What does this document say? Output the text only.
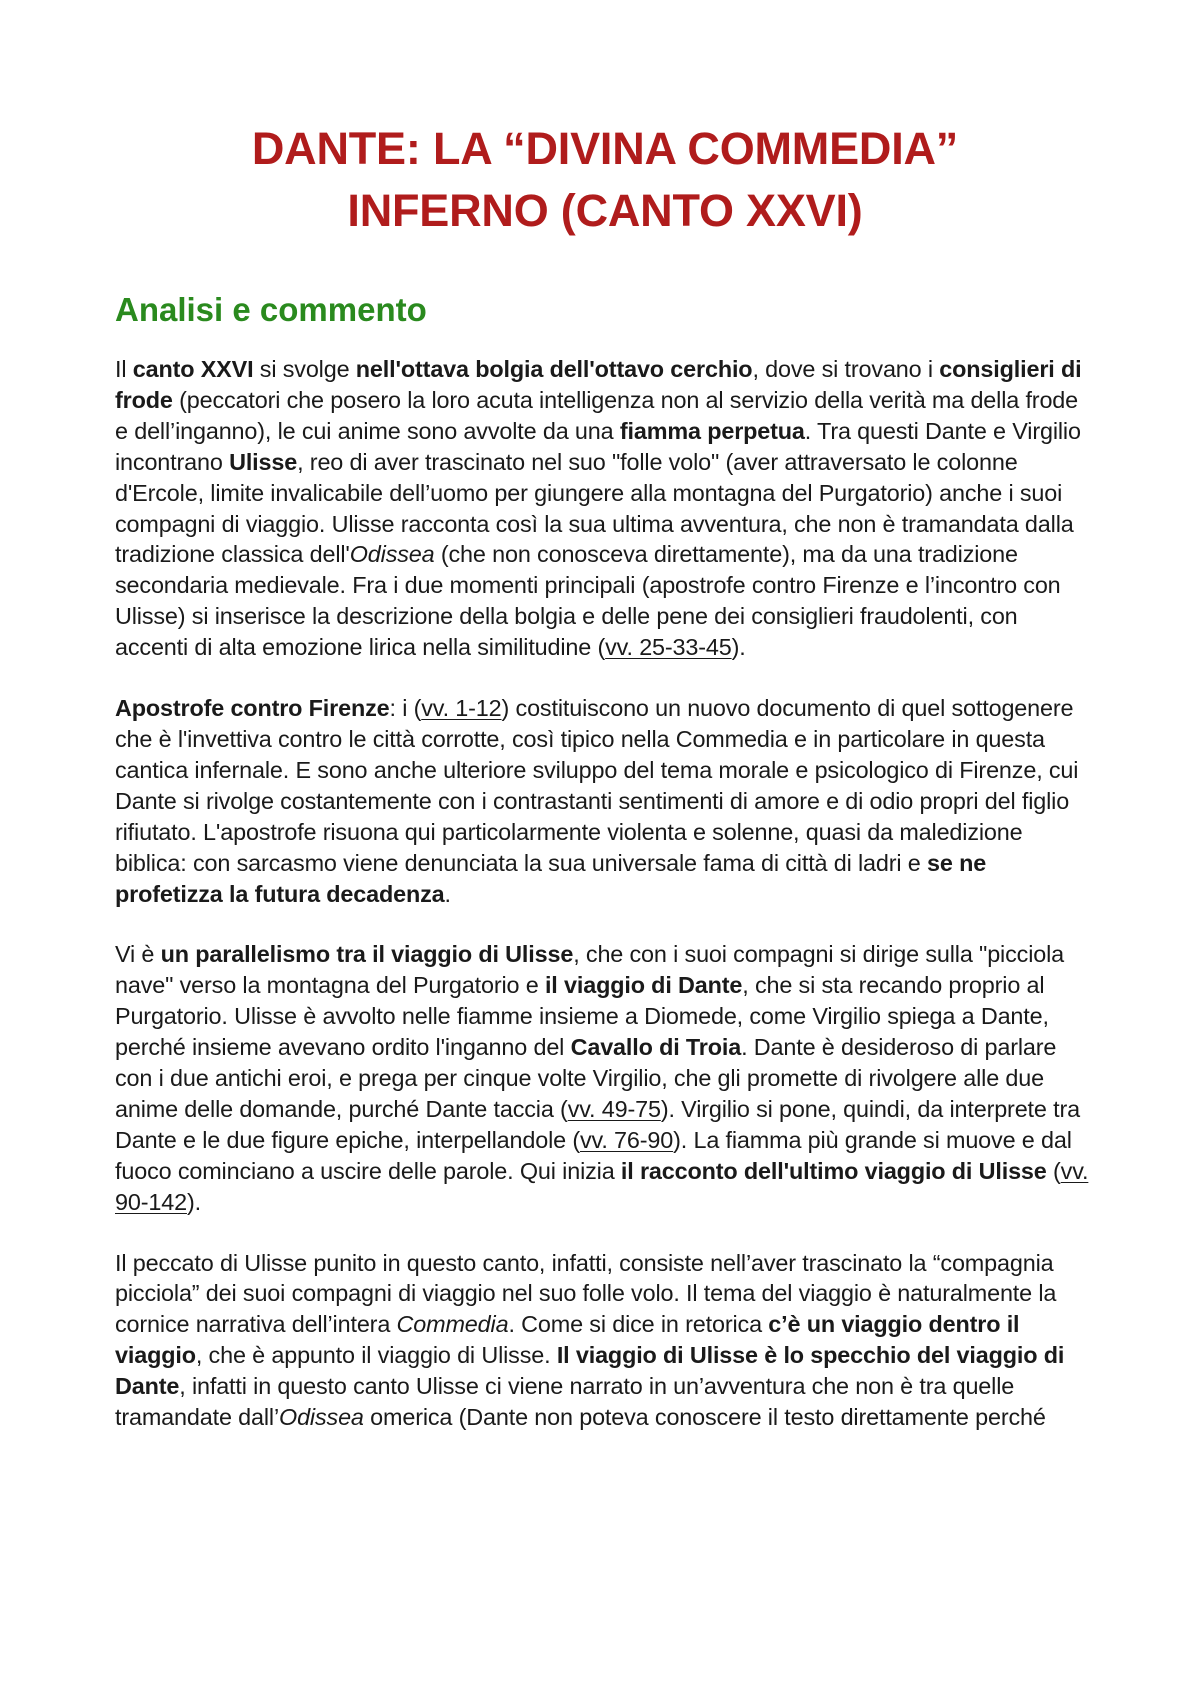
DANTE: LA “DIVINA COMMEDIA”
INFERNO (CANTO XXVI)
Analisi e commento

Il canto XXVI si svolge nell'ottava bolgia dell'ottavo cerchio, dove si trovano i consiglieri di frode (peccatori che posero la loro acuta intelligenza non al servizio della verità ma della frode e dell’inganno), le cui anime sono avvolte da una fiamma perpetua. Tra questi Dante e Virgilio incontrano Ulisse, reo di aver trascinato nel suo "folle volo" (aver attraversato le colonne d'Ercole, limite invalicabile dell’uomo per giungere alla montagna del Purgatorio) anche i suoi compagni di viaggio. Ulisse racconta così la sua ultima avventura, che non è tramandata dalla tradizione classica dell'Odissea (che non conosceva direttamente), ma da una tradizione secondaria medievale. Fra i due momenti principali (apostrofe contro Firenze e l’incontro con Ulisse) si inserisce la descrizione della bolgia e delle pene dei consiglieri fraudolenti, con accenti di alta emozione lirica nella similitudine (vv. 25-33-45).

Apostrofe contro Firenze: i (vv. 1-12) costituiscono un nuovo documento di quel sottogenere che è l'invettiva contro le città corrotte, così tipico nella Commedia e in particolare in questa cantica infernale. E sono anche ulteriore sviluppo del tema morale e psicologico di Firenze, cui Dante si rivolge costantemente con i contrastanti sentimenti di amore e di odio propri del figlio rifiutato. L'apostrofe risuona qui particolarmente violenta e solenne, quasi da maledizione biblica: con sarcasmo viene denunciata la sua universale fama di città di ladri e se ne profetizza la futura decadenza.

Vi è un parallelismo tra il viaggio di Ulisse, che con i suoi compagni si dirige sulla "picciola nave" verso la montagna del Purgatorio e il viaggio di Dante, che si sta recando proprio al Purgatorio. Ulisse è avvolto nelle fiamme insieme a Diomede, come Virgilio spiega a Dante, perché insieme avevano ordito l'inganno del Cavallo di Troia. Dante è desideroso di parlare con i due antichi eroi, e prega per cinque volte Virgilio, che gli promette di rivolgere alle due anime delle domande, purché Dante taccia (vv. 49-75). Virgilio si pone, quindi, da interprete tra Dante e le due figure epiche, interpellandole (vv. 76-90). La fiamma più grande si muove e dal fuoco cominciano a uscire delle parole. Qui inizia il racconto dell'ultimo viaggio di Ulisse (vv. 90-142).

Il peccato di Ulisse punito in questo canto, infatti, consiste nell’aver trascinato la “compagnia picciola” dei suoi compagni di viaggio nel suo folle volo. Il tema del viaggio è naturalmente la cornice narrativa dell’intera Commedia. Come si dice in retorica c’è un viaggio dentro il viaggio, che è appunto il viaggio di Ulisse. Il viaggio di Ulisse è lo specchio del viaggio di Dante, infatti in questo canto Ulisse ci viene narrato in un’avventura che non è tra quelle tramandate dall’Odissea omerica (Dante non poteva conoscere il testo direttamente perché
